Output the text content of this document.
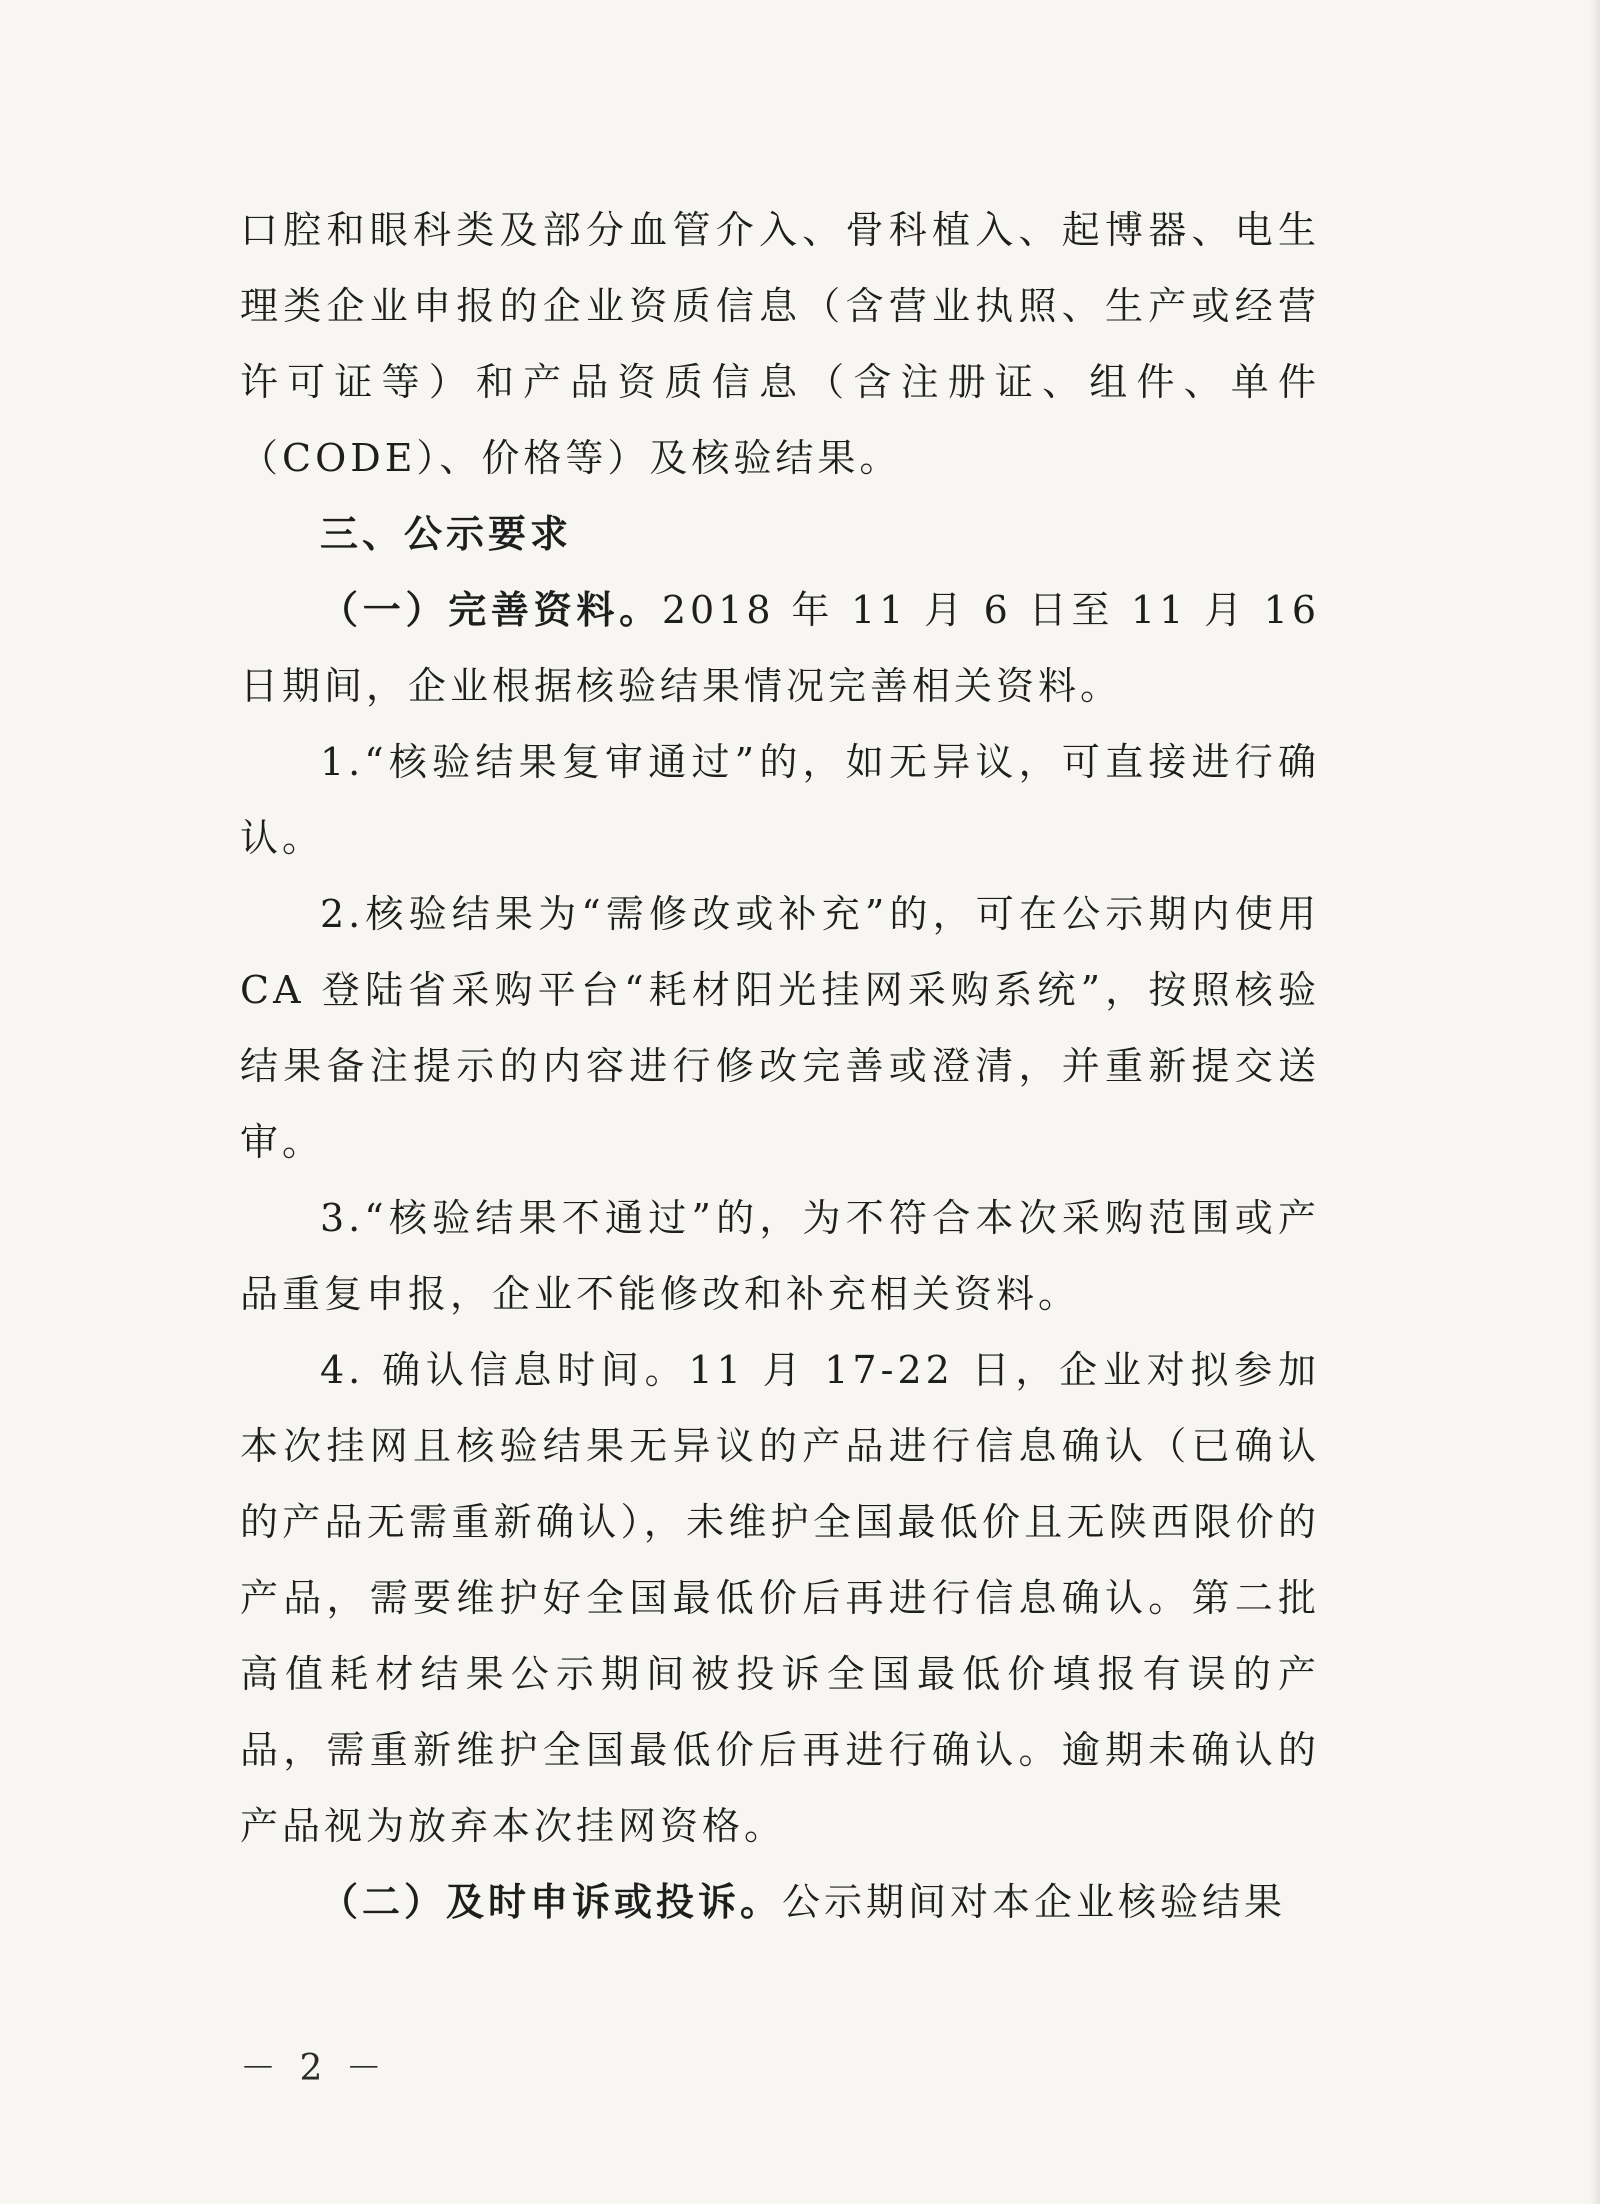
口腔和眼科类及部分血管介入、骨科植入、起博器、电生理类企业申报的企业资质信息（含营业执照、生产或经营许可证等）和产品资质信息（含注册证、组件、单件（CODE）、价格等）及核验结果。

三、公示要求

（一）完善资料。2018 年 11 月 6 日至 11 月 16 日期间，企业根据核验结果情况完善相关资料。

1.“核验结果复审通过”的，如无异议，可直接进行确认。

2.核验结果为“需修改或补充”的，可在公示期内使用 CA 登陆省采购平台“耗材阳光挂网采购系统”，按照核验结果备注提示的内容进行修改完善或澄清，并重新提交送审。

3.“核验结果不通过”的，为不符合本次采购范围或产品重复申报，企业不能修改和补充相关资料。

4. 确认信息时间。11 月 17-22 日，企业对拟参加本次挂网且核验结果无异议的产品进行信息确认（已确认的产品无需重新确认），未维护全国最低价且无陕西限价的产品，需要维护好全国最低价后再进行信息确认。第二批高值耗材结果公示期间被投诉全国最低价填报有误的产品，需重新维护全国最低价后再进行确认。逾期未确认的产品视为放弃本次挂网资格。

（二）及时申诉或投诉。公示期间对本企业核验结果

－ 2 －
